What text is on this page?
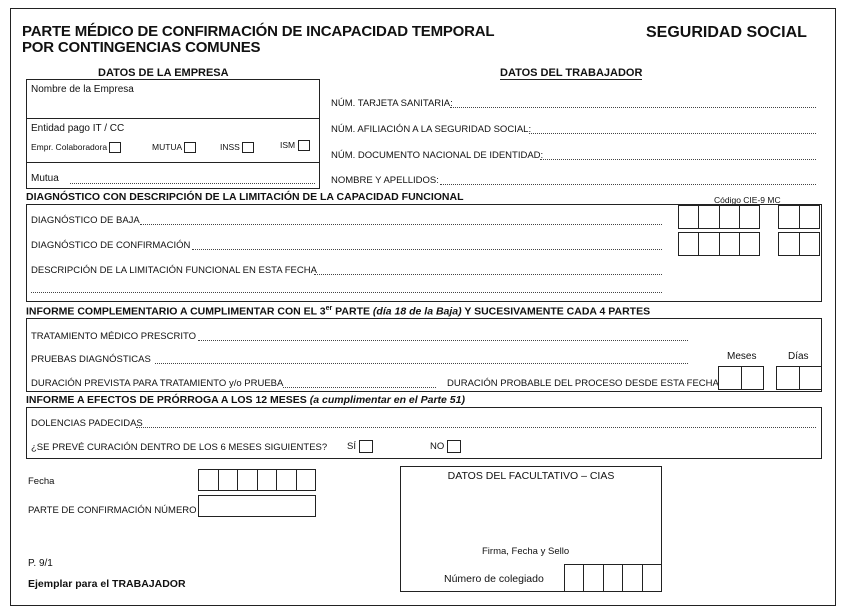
PARTE MÉDICO DE CONFIRMACIÓN DE INCAPACIDAD TEMPORAL
POR CONTINGENCIAS COMUNES
SEGURIDAD SOCIAL
DATOS DE LA EMPRESA
Nombre de la Empresa
Entidad pago IT / CC
Empr. Colaboradora	MUTUA	INSS	ISM
Mutua
DATOS DEL TRABAJADOR
NÚM. TARJETA SANITARIA:
NÚM. AFILIACIÓN A LA SEGURIDAD SOCIAL:
NÚM. DOCUMENTO NACIONAL DE IDENTIDAD:
NOMBRE Y APELLIDOS:
DIAGNÓSTICO CON DESCRIPCIÓN DE LA LIMITACIÓN DE LA CAPACIDAD FUNCIONAL	Código CIE-9 MC
DIAGNÓSTICO DE BAJA
DIAGNÓSTICO DE CONFIRMACIÓN
DESCRIPCIÓN DE LA LIMITACIÓN FUNCIONAL EN ESTA FECHA
INFORME COMPLEMENTARIO A CUMPLIMENTAR CON EL 3er PARTE (día 18 de la Baja) Y SUCESIVAMENTE CADA 4 PARTES
TRATAMIENTO MÉDICO PRESCRITO
PRUEBAS DIAGNÓSTICAS	Meses	Días
DURACIÓN PREVISTA PARA TRATAMIENTO y/o PRUEBA	DURACIÓN PROBABLE DEL PROCESO DESDE ESTA FECHA
INFORME A EFECTOS DE PRÓRROGA A LOS 12 MESES (a cumplimentar en el Parte 51)
DOLENCIAS PADECIDAS
¿SE PREVÉ CURACIÓN DENTRO DE LOS 6 MESES SIGUIENTES? SÍ	NO
Fecha
PARTE DE CONFIRMACIÓN NÚMERO
P. 9/1
Ejemplar para el TRABAJADOR
DATOS DEL FACULTATIVO – CIAS
Firma, Fecha y Sello
Número de colegiado
